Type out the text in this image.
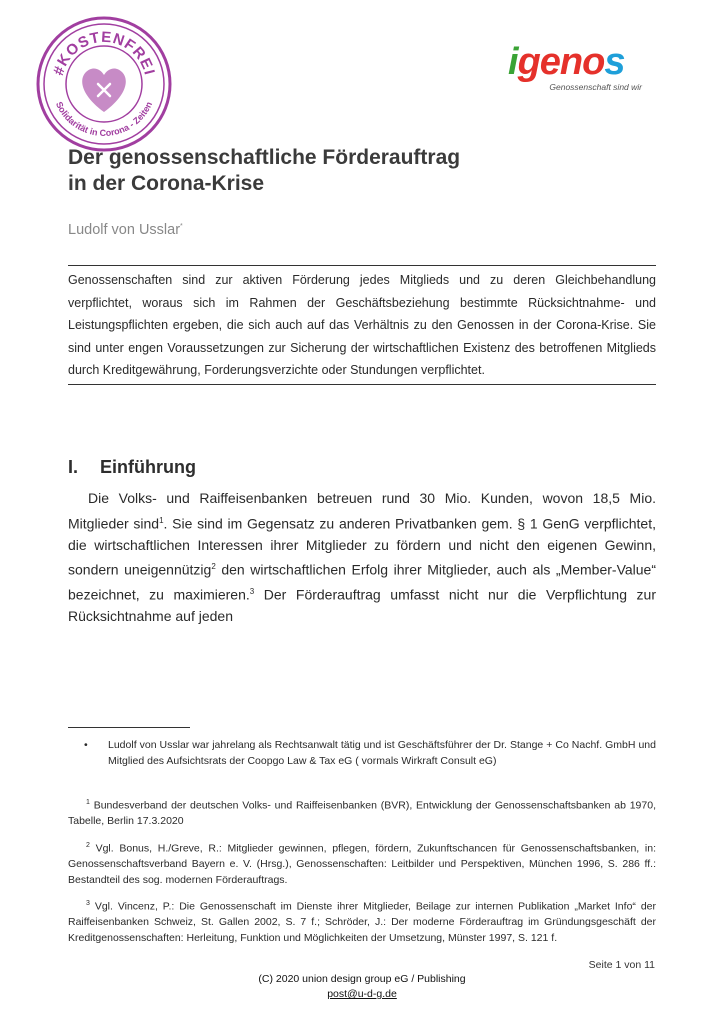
#KOSTENFREI
Solidarität in Corona - Zeiten
igenos
Genossenschaft sind wir
Der genossenschaftliche Förderauftrag
in der Corona-Krise
Ludolf von Usslar*
Genossenschaften sind zur aktiven Förderung jedes Mitglieds und zu deren Gleichbehandlung verpflichtet, woraus sich im Rahmen der Geschäftsbeziehung bestimmte Rücksichtnahme- und Leistungspflichten ergeben, die sich auch auf das Verhältnis zu den Genossen in der Corona-Krise. Sie sind unter engen Voraussetzungen zur Sicherung der wirtschaftlichen Existenz des betroffenen Mitglieds durch Kreditgewährung, Forderungsverzichte oder Stundungen verpflichtet.
I. Einführung
Die Volks- und Raiffeisenbanken betreuen rund 30 Mio. Kunden, wovon 18,5 Mio. Mitglieder sind$^1$. Sie sind im Gegensatz zu anderen Privatbanken gem. § 1 GenG verpflichtet, die wirtschaftlichen Interessen ihrer Mitglieder zu fördern und nicht den eigenen Gewinn, sondern uneigennützig$^2$ den wirtschaftlichen Erfolg ihrer Mitglieder, auch als „Member-Value“ bezeichnet, zu maximieren.$^3$ Der Förderauftrag umfasst nicht nur die Verpflichtung zur Rücksichtnahme auf jeden
• Ludolf von Usslar war jahrelang als Rechtsanwalt tätig und ist Geschäftsführer der Dr. Stange + Co Nachf. GmbH und Mitglied des Aufsichtsrats der Coopgo Law & Tax eG ( vormals Wirkraft Consult eG)
$^1$ Bundesverband der deutschen Volks- und Raiffeisenbanken (BVR), Entwicklung der Genossenschaftsbanken ab 1970, Tabelle, Berlin 17.3.2020
$^2$ Vgl. Bonus, H./Greve, R.: Mitglieder gewinnen, pflegen, fördern, Zukunftschancen für Genossenschaftsbanken, in: Genossenschaftsverband Bayern e. V. (Hrsg.), Genossenschaften: Leitbilder und Perspektiven, München 1996, S. 286 ff.: Bestandteil des sog. modernen Förderauftrags.
$^3$ Vgl. Vincenz, P.: Die Genossenschaft im Dienste ihrer Mitglieder, Beilage zur internen Publikation „Market Info“ der Raiffeisenbanken Schweiz, St. Gallen 2002, S. 7 f.; Schröder, J.: Der moderne Förderauftrag im Gründungsgeschäft der Kreditgenossenschaften: Herleitung, Funktion und Möglichkeiten der Umsetzung, Münster 1997, S. 121 f.
Seite 1 von 11
(C) 2020 union design group eG / Publishing
post@u-d-g.de
